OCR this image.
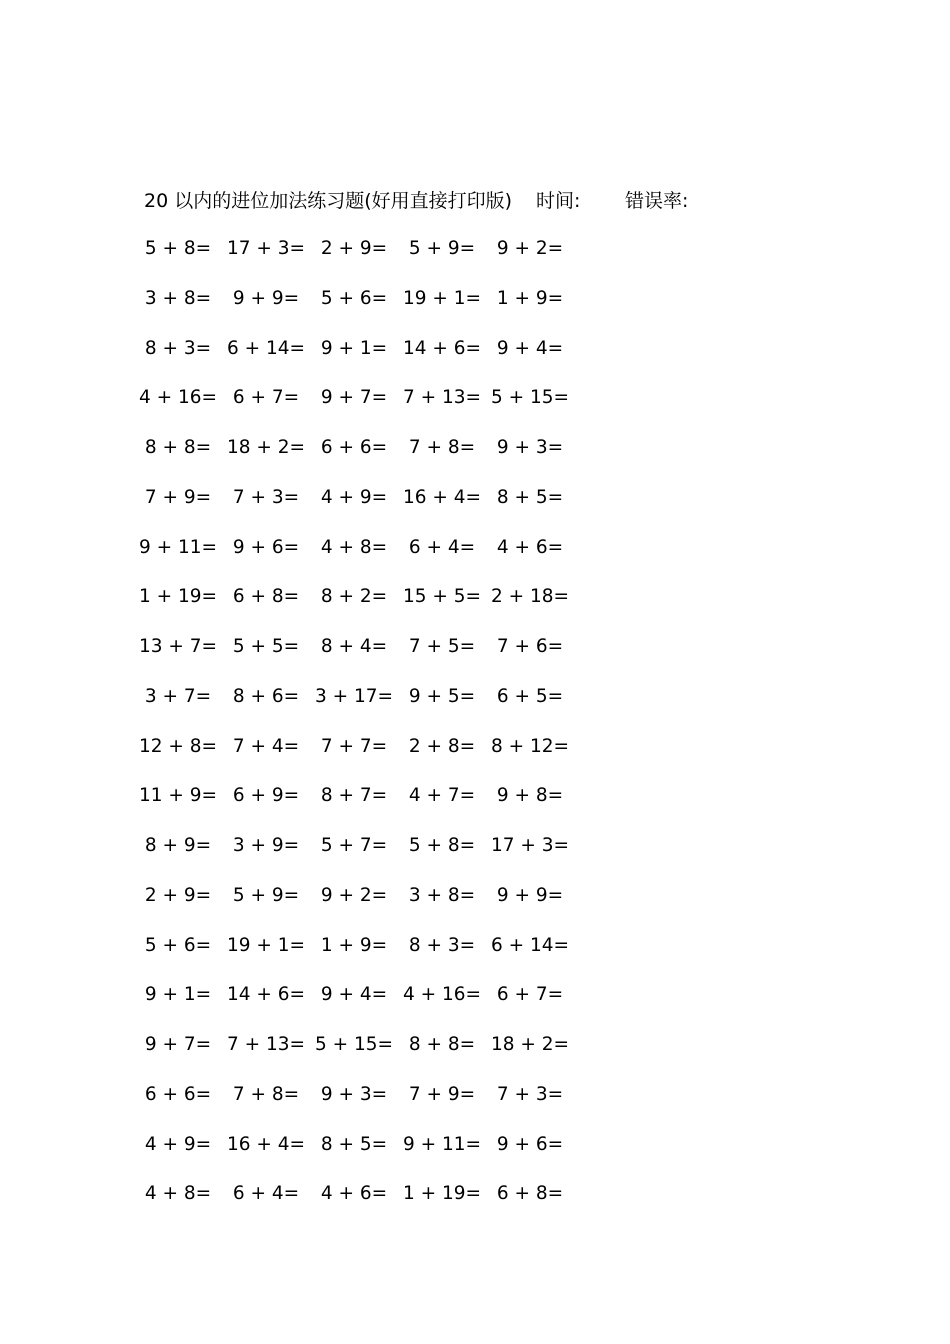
20 以内的进位加法练习题(好用直接打印版) 时间: 错误率:
5 + 8= 17 + 3= 2 + 9=	5 + 9=	9 + 2=
3 + 8=	9 + 9=	5 + 6= 19 + 1= 1 + 9=
8 + 3= 6 + 14= 9 + 1= 14 + 6= 9 + 4=
4 + 16= 6 + 7=	9 + 7= 7 + 13= 5 + 15=
8 + 8= 18 + 2= 6 + 6=	7 + 8=	9 + 3=
7 + 9=	7 + 3=	4 + 9= 16 + 4= 8 + 5=
9 + 11= 9 + 6=	4 + 8=	6 + 4=	4 + 6=
1 + 19= 6 + 8=	8 + 2= 15 + 5= 2 + 18=
13 + 7= 5 + 5=	8 + 4=	7 + 5=	7 + 6=
3 + 7=	8 + 6= 3 + 17= 9 + 5=	6 + 5=
12 + 8= 7 + 4=	7 + 7=	2 + 8= 8 + 12=
11 + 9= 6 + 9=	8 + 7=	4 + 7=	9 + 8=
8 + 9=	3 + 9=	5 + 7=	5 + 8= 17 + 3=
2 + 9=	5 + 9=	9 + 2=	3 + 8=	9 + 9=
5 + 6= 19 + 1= 1 + 9=	8 + 3= 6 + 14=
9 + 1= 14 + 6= 9 + 4= 4 + 16= 6 + 7=
9 + 7= 7 + 13= 5 + 15= 8 + 8= 18 + 2=
6 + 6=	7 + 8=	9 + 3=	7 + 9=	7 + 3=
4 + 9= 16 + 4= 8 + 5= 9 + 11= 9 + 6=
4 + 8=	6 + 4=	4 + 6= 1 + 19= 6 + 8=
